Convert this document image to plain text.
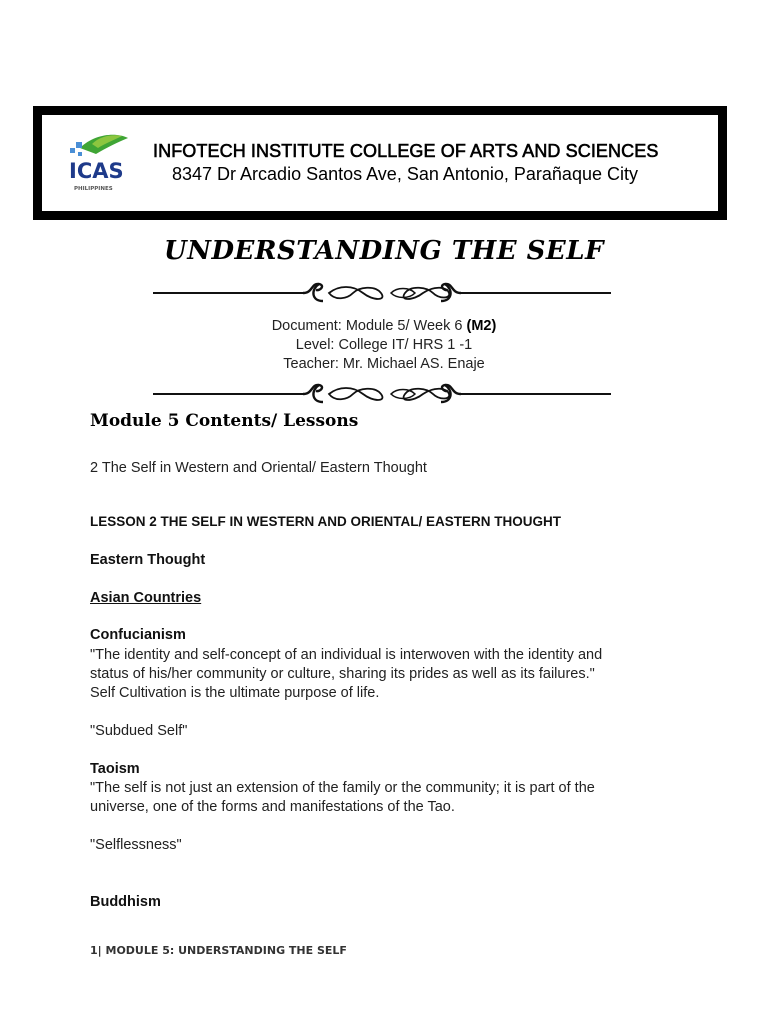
ICAS
PHILIPPINES
INFOTECH INSTITUTE COLLEGE OF ARTS AND SCIENCES
8347 Dr Arcadio Santos Ave, San Antonio, Parañaque City
UNDERSTANDING THE SELF
Document: Module 5/ Week 6 (M2)
Level: College IT/ HRS 1 -1
Teacher: Mr. Michael AS. Enaje
Module 5 Contents/ Lessons
2 The Self in Western and Oriental/ Eastern Thought
LESSON 2 THE SELF IN WESTERN AND ORIENTAL/ EASTERN THOUGHT
Eastern Thought
Asian Countries
Confucianism
"The identity and self-concept of an individual is interwoven with the identity and
status of his/her community or culture, sharing its prides as well as its failures."
Self Cultivation is the ultimate purpose of life.
"Subdued Self"
Taoism
"The self is not just an extension of the family or the community; it is part of the
universe, one of the forms and manifestations of the Tao.
"Selflessness"
Buddhism
1| MODULE 5: UNDERSTANDING THE SELF
